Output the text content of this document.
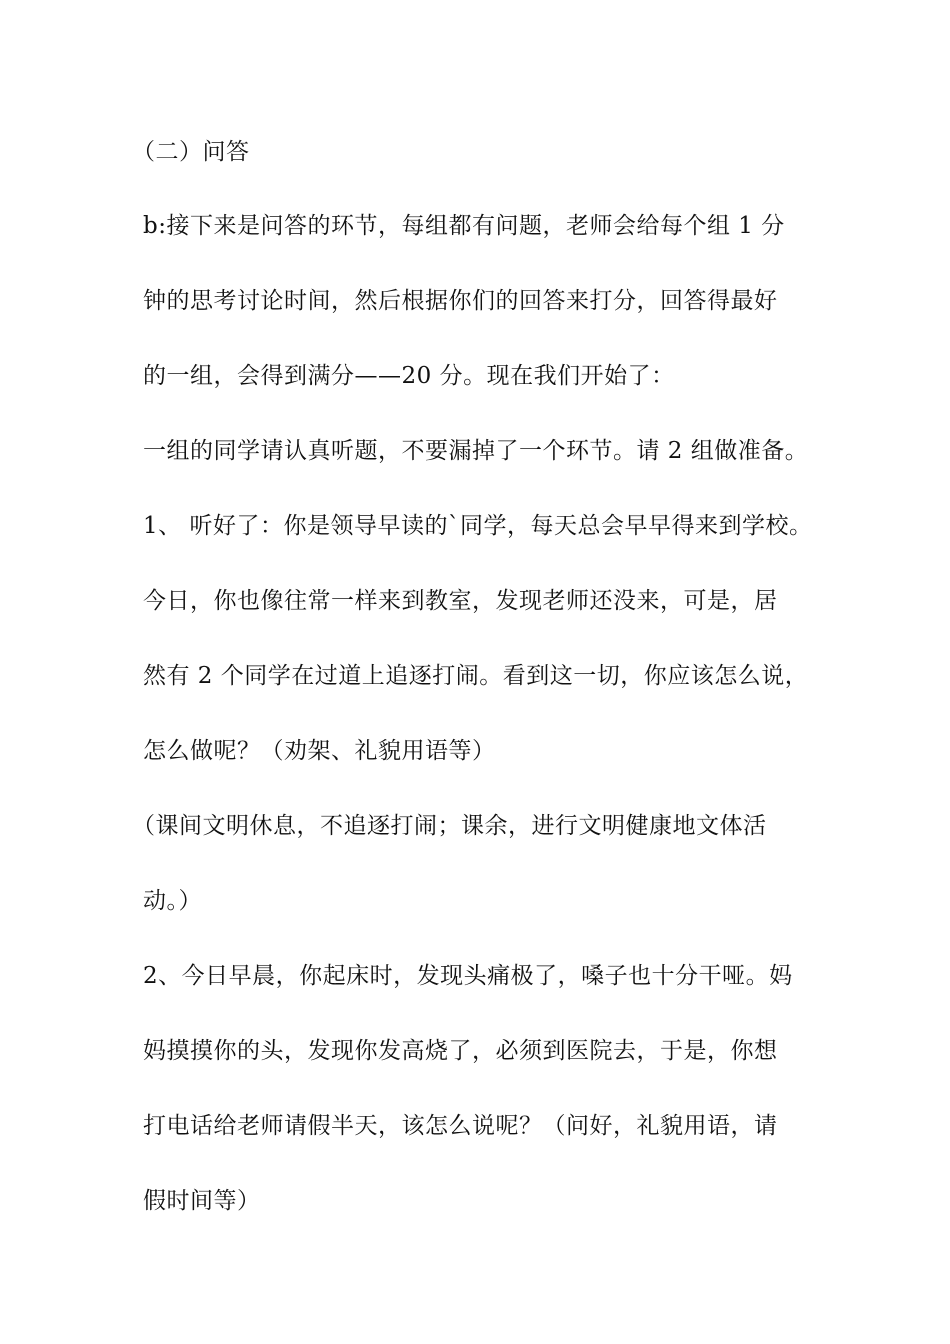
（二）问答
b:接下来是问答的环节，每组都有问题，老师会给每个组 1 分
钟的思考讨论时间，然后根据你们的回答来打分，回答得最好
的一组，会得到满分——20 分。现在我们开始了：
一组的同学请认真听题，不要漏掉了一个环节。请 2 组做准备。
1、 听好了：你是领导早读的`同学，每天总会早早得来到学校。
今日，你也像往常一样来到教室，发现老师还没来，可是，居
然有 2 个同学在过道上追逐打闹。看到这一切，你应该怎么说，
怎么做呢？（劝架、礼貌用语等）
（课间文明休息，不追逐打闹；课余，进行文明健康地文体活
动。）
2、今日早晨，你起床时，发现头痛极了，嗓子也十分干哑。妈
妈摸摸你的头，发现你发高烧了，必须到医院去，于是，你想
打电话给老师请假半天，该怎么说呢？（问好，礼貌用语，请
假时间等）
